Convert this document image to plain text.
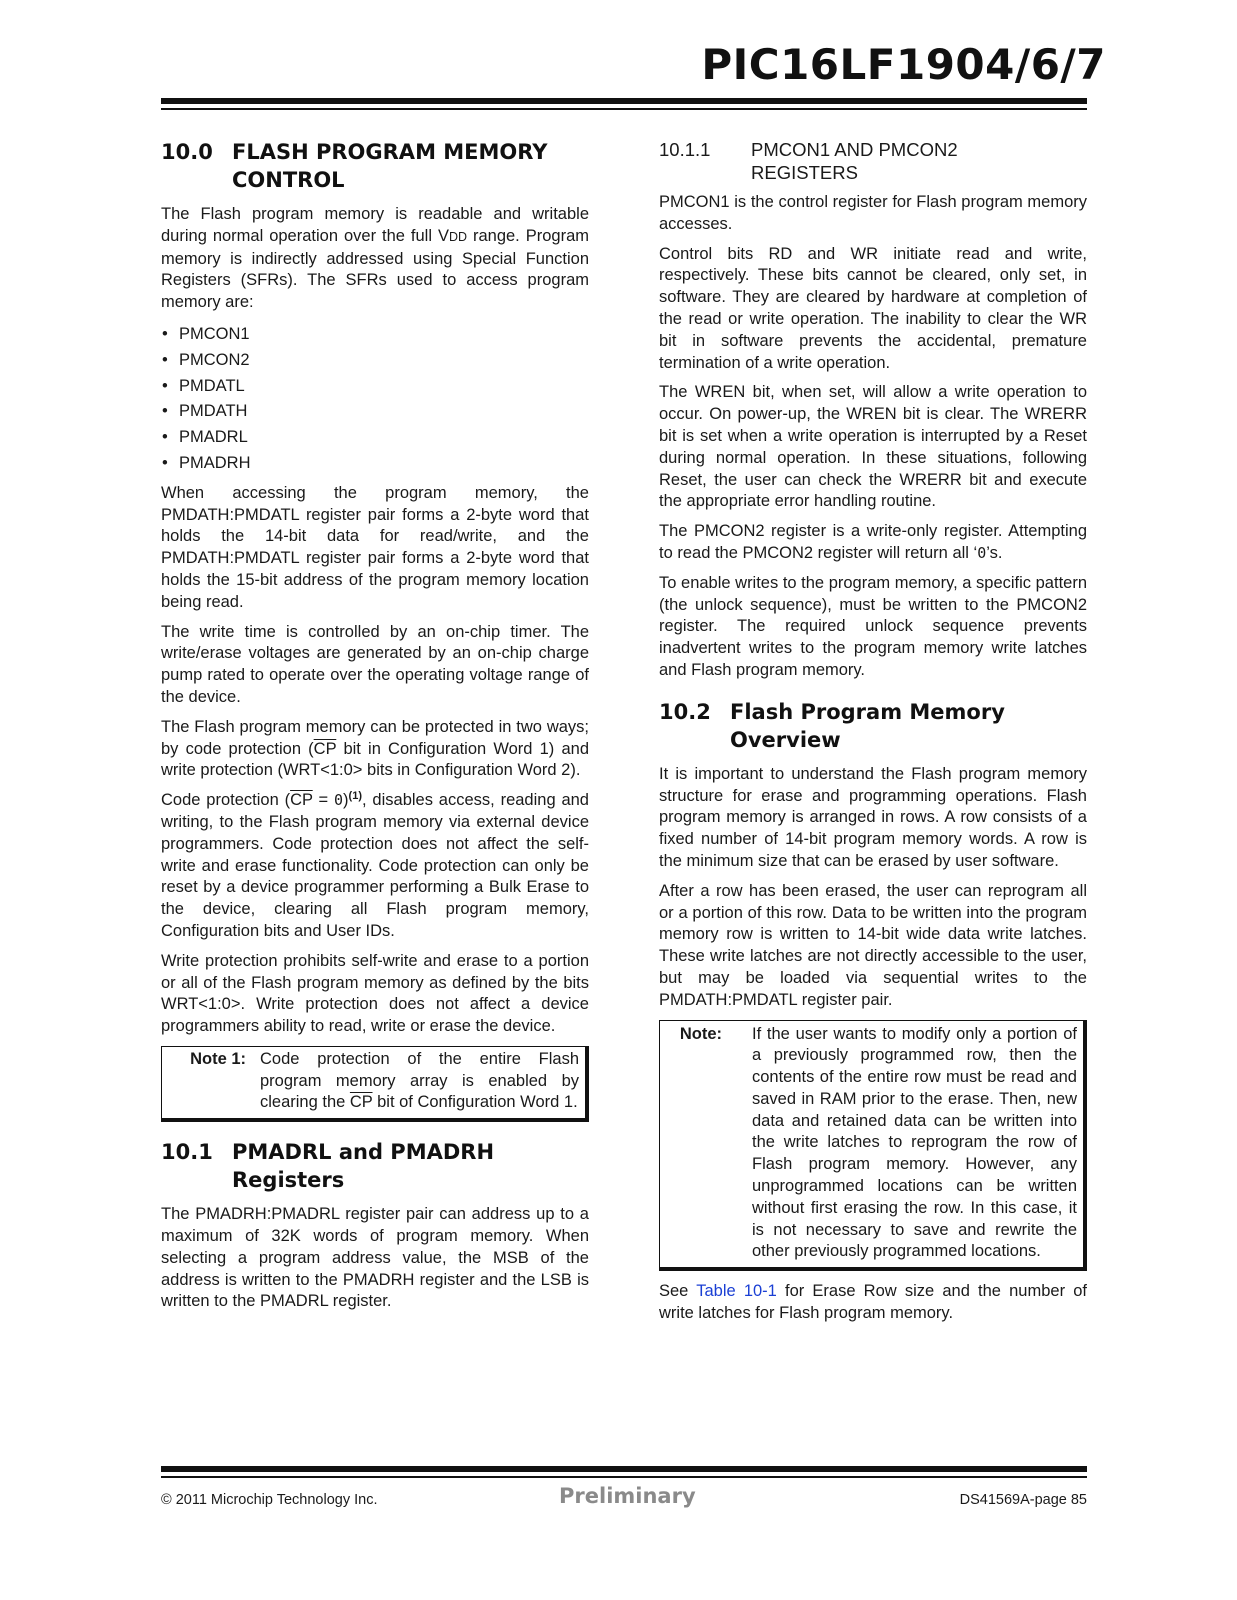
PIC16LF1904/6/7
10.0 FLASH PROGRAM MEMORY
CONTROL

The Flash program memory is readable and writable during normal operation over the full VDD range. Program memory is indirectly addressed using Special Function Registers (SFRs). The SFRs used to access program memory are:

• PMCON1
• PMCON2
• PMDATL
• PMDATH
• PMADRL
• PMADRH

When accessing the program memory, the PMDATH:PMDATL register pair forms a 2-byte word that holds the 14-bit data for read/write, and the PMDATH:PMDATL register pair forms a 2-byte word that holds the 15-bit address of the program memory location being read.

The write time is controlled by an on-chip timer. The write/erase voltages are generated by an on-chip charge pump rated to operate over the operating voltage range of the device.

The Flash program memory can be protected in two ways; by code protection ($\overline{CP}$ bit in Configuration Word 1) and write protection (WRT<1:0> bits in Configuration Word 2).

Code protection $(\overline{CP} = 0)^{(1)}$, disables access, reading and writing, to the Flash program memory via external device programmers. Code protection does not affect the self-write and erase functionality. Code protection can only be reset by a device programmer performing a Bulk Erase to the device, clearing all Flash program memory, Configuration bits and User IDs.

Write protection prohibits self-write and erase to a portion or all of the Flash program memory as defined by the bits WRT<1:0>. Write protection does not affect a device programmers ability to read, write or erase the device.

Note 1: Code protection of the entire Flash program memory array is enabled by clearing the $\overline{CP}$ bit of Configuration Word 1.
10.1 PMADRL and PMADRH Registers

The PMADRH:PMADRL register pair can address up to a maximum of 32K words of program memory. When selecting a program address value, the MSB of the address is written to the PMADRH register and the LSB is written to the PMADRL register.

10.1.1	PMCON1 AND PMCON2
REGISTERS

PMCON1 is the control register for Flash program memory accesses.

Control bits RD and WR initiate read and write, respectively. These bits cannot be cleared, only set, in software. They are cleared by hardware at completion of the read or write operation. The inability to clear the WR bit in software prevents the accidental, premature termination of a write operation.

The WREN bit, when set, will allow a write operation to occur. On power-up, the WREN bit is clear. The WRERR bit is set when a write operation is interrupted by a Reset during normal operation. In these situations, following Reset, the user can check the WRERR bit and execute the appropriate error handling routine.

The PMCON2 register is a write-only register. Attempting to read the PMCON2 register will return all ‘0’s.

To enable writes to the program memory, a specific pattern (the unlock sequence), must be written to the PMCON2 register. The required unlock sequence prevents inadvertent writes to the program memory write latches and Flash program memory.

10.2 Flash Program Memory Overview

It is important to understand the Flash program memory structure for erase and programming operations. Flash program memory is arranged in rows. A row consists of a fixed number of 14-bit program memory words. A row is the minimum size that can be erased by user software.

After a row has been erased, the user can reprogram all or a portion of this row. Data to be written into the program memory row is written to 14-bit wide data write latches. These write latches are not directly accessible to the user, but may be loaded via sequential writes to the PMDATH:PMDATL register pair.

Note:	If the user wants to modify only a portion of a previously programmed row, then the contents of the entire row must be read and saved in RAM prior to the erase. Then, new data and retained data can be written into the write latches to reprogram the row of Flash program memory. However, any unprogrammed locations can be written without first erasing the row. In this case, it is not necessary to save and rewrite the other previously programmed locations.

See Table 10-1 for Erase Row size and the number of write latches for Flash program memory.

© 2011 Microchip Technology Inc.	Preliminary	DS41569A-page 85
